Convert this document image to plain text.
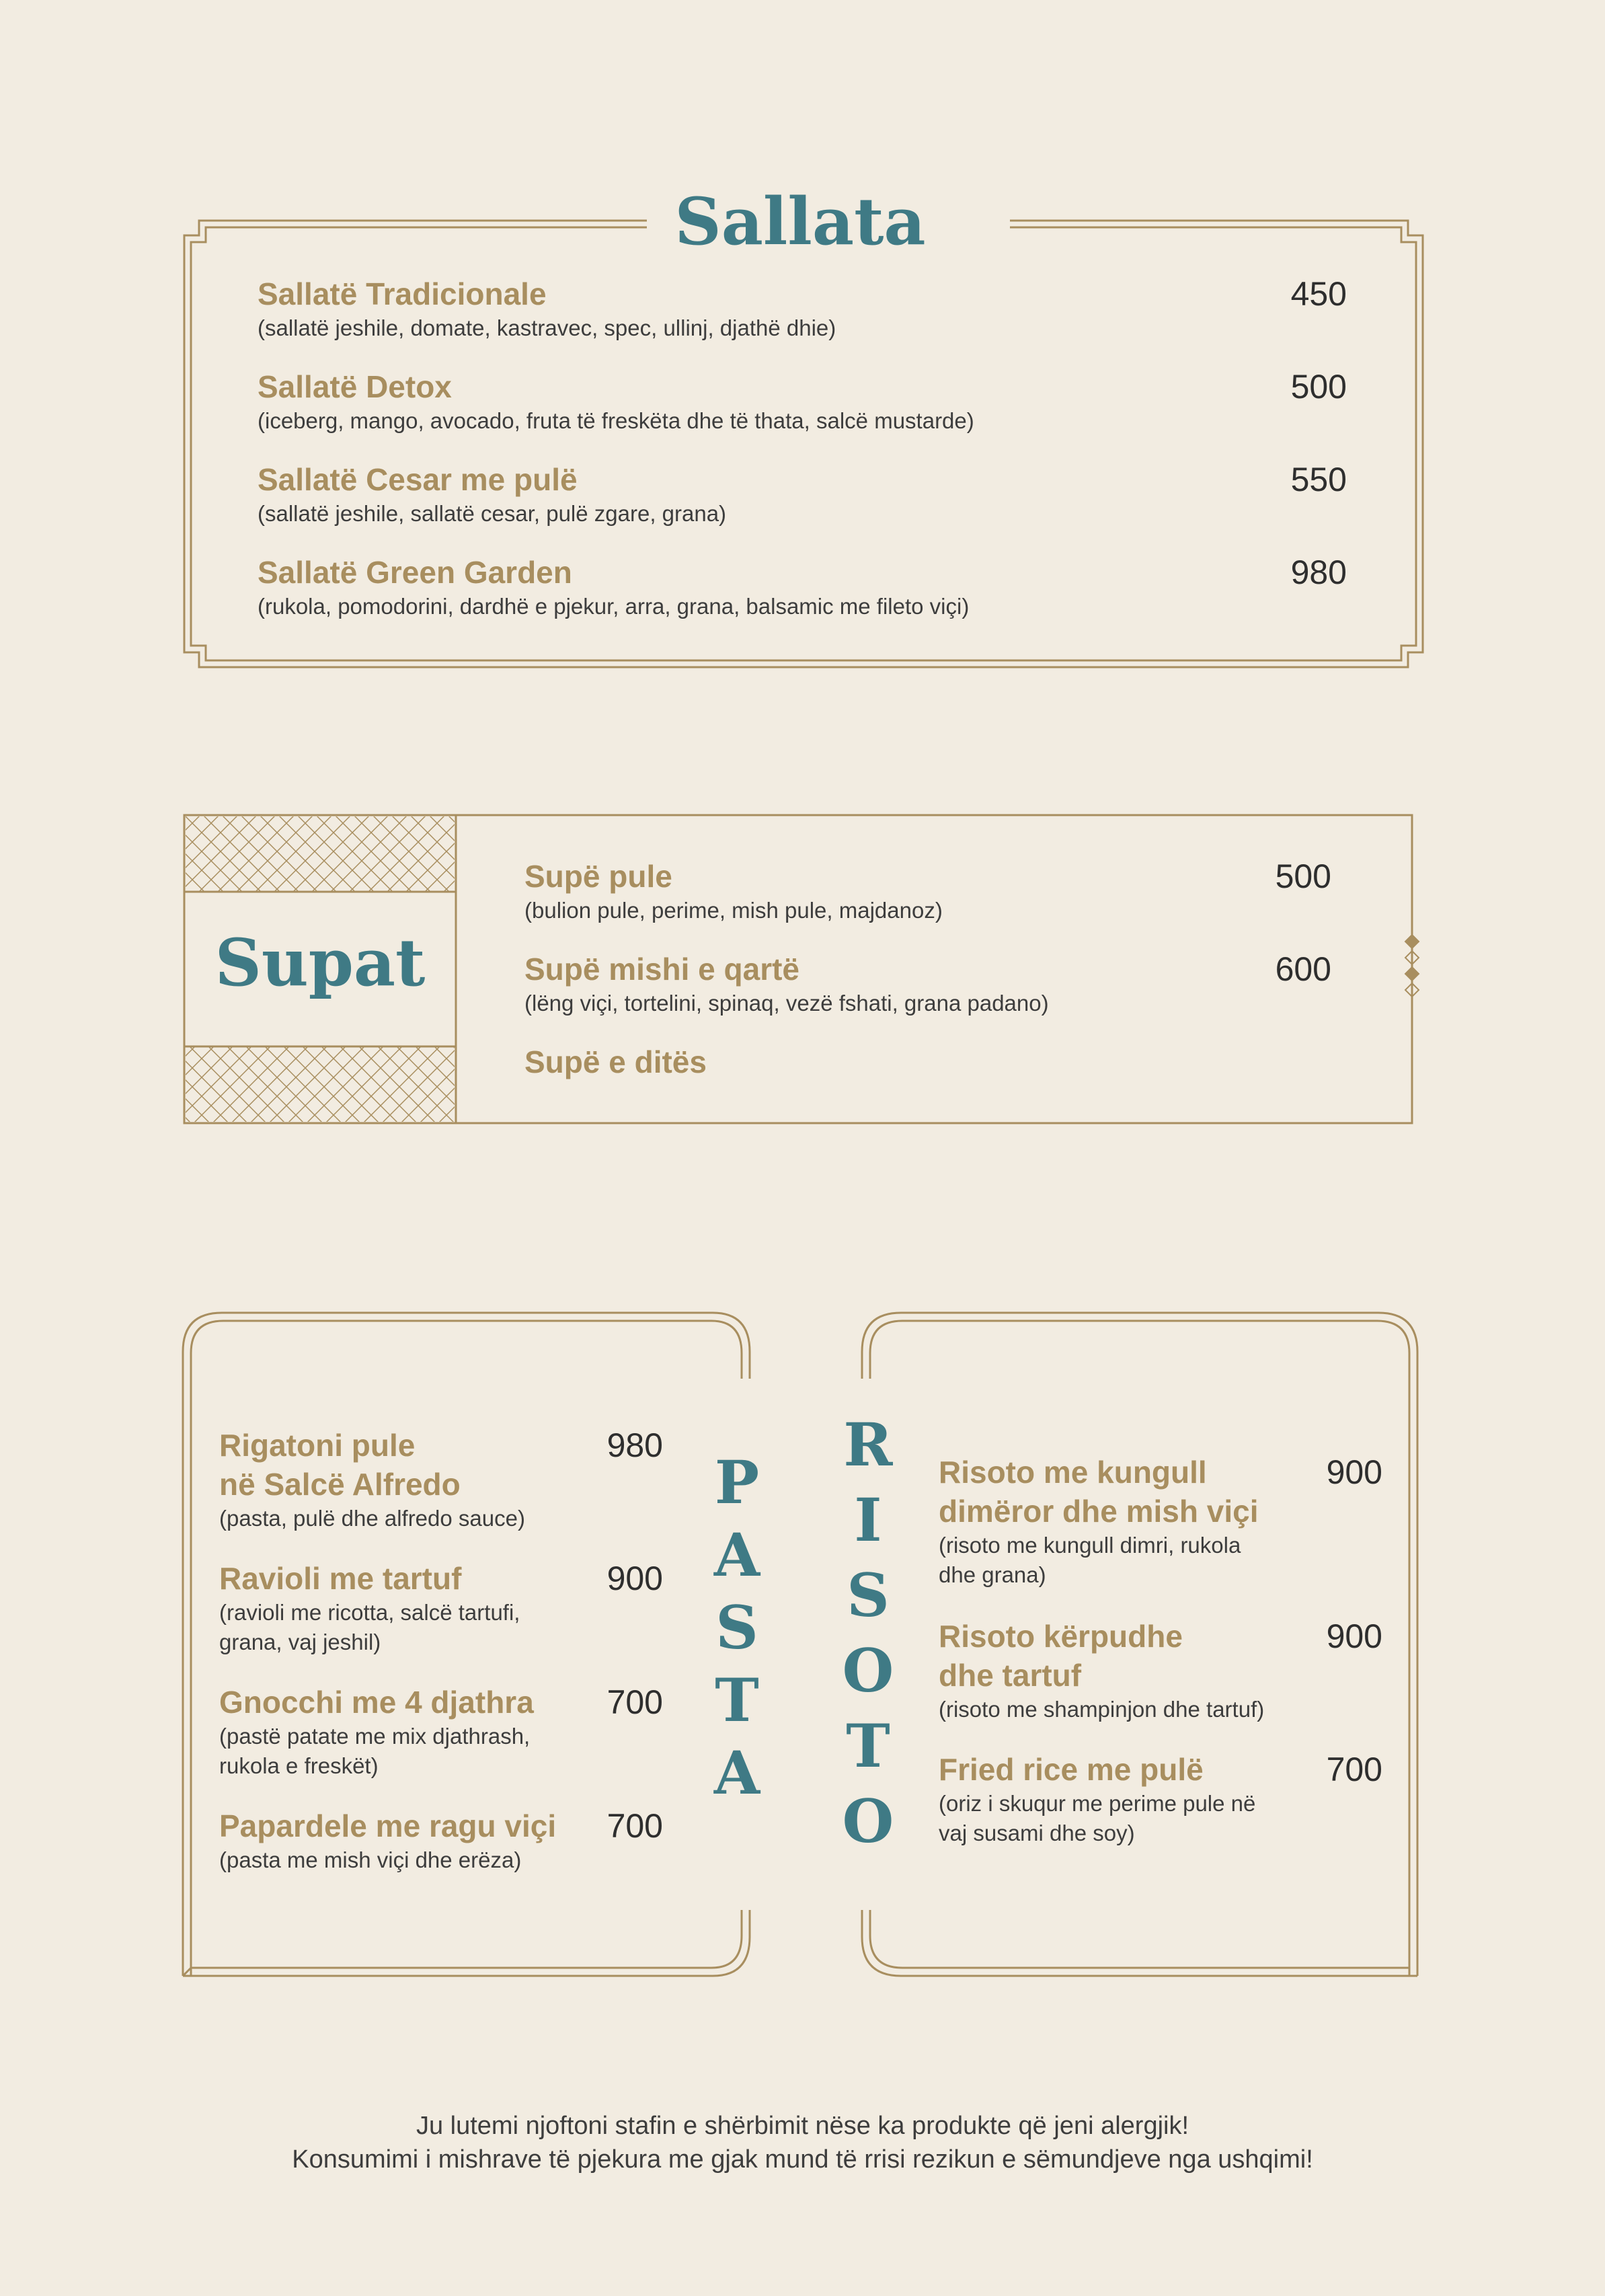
Sallata
Sallatë Tradicionale
(sallatë jeshile, domate, kastravec, spec, ullinj, djathë dhie)
450
Sallatë Detox
(iceberg, mango, avocado, fruta të freskëta dhe të thata, salcë mustarde)
500
Sallatë Cesar me pulë
(sallatë jeshile, sallatë cesar, pulë zgare, grana)
550
Sallatë Green Garden
(rukola, pomodorini, dardhë e pjekur, arra, grana, balsamic me fileto viçi)
980
Supat
Supë pule
(bulion pule, perime, mish pule, majdanoz)
500
Supë mishi e qartë
(lëng viçi, tortelini, spinaq, vezë fshati, grana padano)
600
Supë e ditës
P
A
S
T
A
Rigatoni pule
në Salcë Alfredo
(pasta, pulë dhe alfredo sauce)
980
Ravioli me tartuf
(ravioli me ricotta, salcë tartufi,
grana, vaj jeshil)
900
Gnocchi me 4 djathra
(pastë patate me mix djathrash,
rukola e freskët)
700
Papardele me ragu viçi
(pasta me mish viçi dhe erëza)
700
R
I
S
O
T
O
Risoto me kungull
dimëror dhe mish viçi
(risoto me kungull dimri, rukola
dhe grana)
900
Risoto kërpudhe
dhe tartuf
(risoto me shampinjon dhe tartuf)
900
Fried rice me pulë
(oriz i skuqur me perime pule në
vaj susami dhe soy)
700
Ju lutemi njoftoni stafin e shërbimit nëse ka produkte që jeni alergjik!
Konsumimi i mishrave të pjekura me gjak mund të rrisi rezikun e sëmundjeve nga ushqimi!
